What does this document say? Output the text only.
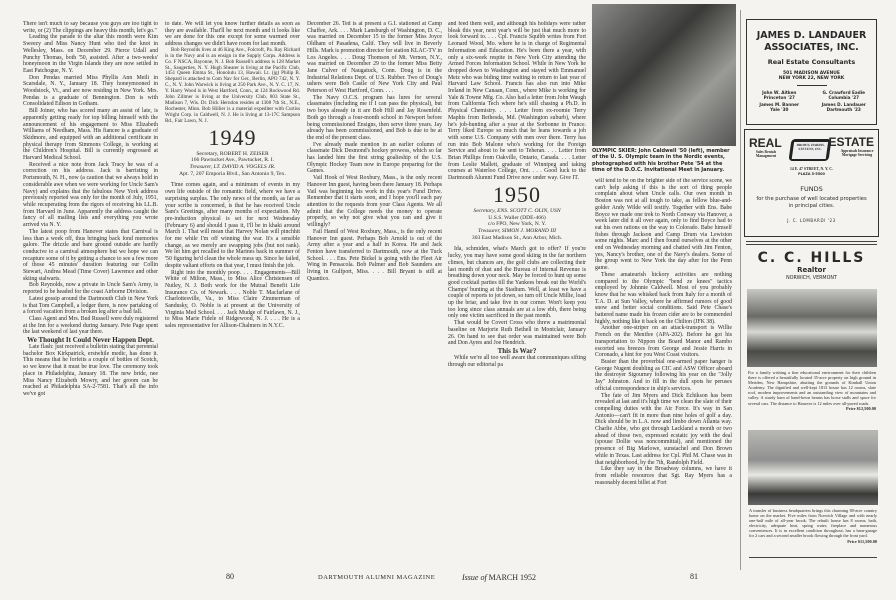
There isn't much to say because you guys are too tight to write, or (2) The clippings are heavy this month, let's go."

Leading the parade to the altar this month were Kim Sweezy and Miss Nancy Hunt who tied the knot in Wellesley, Mass. on December 29. Pierce Udall and Punchy Thomas, both '50, assisted. After a two-weeks' honeymoon in the Virgin Islands they are now settled in East Patchogue, N. Y.

Don Pendas married Miss Phyllis Ann Meili in Scarsdale, N. Y., January 18. They honeymooned in Woodstock, Vt., and are now residing in New York. Mrs. Pendas is a graduate of Bennington. Don is with Consolidated Edison in Gotham.

Bill Joiner, who has scored many an assist of late, is apparently getting ready for top billing himself with the announcement of his engagement to Miss Elizabeth Williams of Needham, Mass. His fiancee is a graduate of Skidmore, and equipped with an additional certificate in physical therapy from Simmons College, is working at the Children's Hospital. Bill is currently engrossed at Harvard Medical School.

Received a nice note from Jack Tracy he was of a correction on his address. Jack is barristing in Portsmouth, N. H., now (a caution that we always hold in considerable awe when we were working for Uncle Sam's Navy) and explains that the fabulous New York address previously reported was only for the month of July, 1951, while recuperating from the rigors of receiving his LL.B. from Harvard in June. Apparently the address caught the fancy of all mailing lists and everything you wrote arrived via N. Y.

The latest poop from Hanover states that Carnival is less than a week off, thus bringing back fond memories galore. The drizzle and bare ground outside are hardly conducive to a carnival atmosphere but we hope we can recapture some of it by getting a chance to see a few more of those 45 minutes' duration featuring our Collin Stewart, Andrea Mead (Time Cover) Lawrence and other skiing stalwarts.

Bob Reynolds, now a private in Uncle Sam's Army, is reported to be headed for the coast Airborne Division.

Latest gossip around the Dartmouth Club in New York is that Tom Campbell, a lodger there, is now partaking of a forced vacation from a broken leg after a bad fall.

Class Agent and Mrs. Bud Russell were duly registered at the Inn for a weekend during January. Pete Page spent the last weekend of last year there.

We Thought It Could Never Happen Dept.

Late flash: just received a bulletin stating that perennial bachelor Box Kirkpatrick, erstwhile medic, has done it. This means that he forfeits a couple of bottles of Scotch, so we know that it must be true love. The ceremony took place in Philadelphia, January 18. The new bride, nee Miss Nancy Elizabeth Mowry, and her groom can be reached at Philadelphia SA-2-7581. That's all the info we've got

to date. We will let you know further details as soon as they are available. That'll be next month and it looks like we are done for this one except for some warmed over address changes we didn't have room for last month.

Bob Reynolds lives at 46 King Ave., Folcroft, Pa. Ray Richard is in the Navy and is an ensign in the Supply Corps. Address is Co. F NSCA, Bayonne, N. J. Bob Russell's address is 128 Market St., Saugerties, N. Y. Hugh Shearer is living at the Pacific Club, 1451 Queen Emma St., Honolulu 13, Hawaii. Lt. (jg) Philip B. Shepard is attached to Com Nav for Ger., Berlin, APO 742, N. Y. C., N. Y. John Warwick is living at 250 Park Ave., N. Y. C. 17, N. Y. Harry Wood is in West Hartford, Conn., at 124 Rockwood Rd. John Zillmer is living at the University Club, 803 State St., Madison 7, Wis. Dr. Dick Herndon resides at 1308 7th St., N.E., Rochester, Minn. Bob Hillier is a material expediter with Curtiss Wright Corp. in Caldwell, N. J. He is living at 13-17C Sampson Rd., Fair Lawn, N. J.

1949

Secretary, ROBERT H. ZEISER

166 Pawtucket Ave., Pawtucket, R. I.

Treasurer, LT. DAVID A. VOGELS JR.

Apt. 7, 207 Emporia Blvd., San Antonio 9, Tex.

Time comes again, and a minimum of events in my own life outside of the romantic field, where we have a surprising surplus. The only news of the month, as far as your scribe is concerned, is that he has received Uncle Sam's Greetings, after many months of expectation. My pre-induction physical is set for next Wednesday (February 6) and should I pass it, I'll be in khaki around March 1. That will mean that Harvey Nolan will pinchhit for me while I'm off winning the war. It's a sensible change, as we merely are swapping jobs (but not rank). We let him get recalled to the Marines back in summer of '50 figuring he'd clean the whole mess up. Since he failed, despite valiant efforts on that year, I must finish the job.

Right into the monthly poop. . . . Engagements—Bill White of Milton, Mass., to Miss Alice Christensen of Nutley, N. J. Both work for the Mutual Benefit Life Insurance Co. of Newark. . . . Noble T. Macfarlane of Charlottesville, Va., to Miss Claire Zimmerman of Sandusky, O. Noble is at present at the University of Virginia Med School. . . . Jack Mudge of Fairlawn, N. J., to Miss Marie Fidele of Ridgewood, N. J. . . . He is a sales representative for Allison-Chalmers in N.Y.C.

December 26. Ted is at present a G.I. stationed at Camp Chaffee, Ark. . . . Mark Lansburgh of Washington, D. C., was married on December 15 to the former Miss Joyce Oldham of Pasadena, Calif. They will live in Beverly Hills. Mark is promotion director for station KLAC-TV in Los Angeles. . . . Doug Thomson of Mt. Vernon, N.Y., was married on December 29 to the former Miss Betty Jane Culver of Naugatuck, Conn. Doug is in the Industrial Relations Dept. of U.S. Rubber. Two of Doug's ushers were Bob Castle of New York City and Paul Peterson of West Hartford, Conn. . . .

The Navy O.C.S. program has lures for several classmates (including me if I can pass the physical), but two boys already in it are Bob Hill and Jay Rosenfeld. Both go through a four-month school in Newport before being commissioned Ensigns, then serve three years. Jay already has been commissioned, and Bob is due to be at the end of the present class.

I've already made mention in an earlier column of classmate Dick Desmond's hockey prowess, which so far has landed him the first string goalieship of the U.S. Olympic Hockey Team now in Europe preparing for the Games.

Vail Hook of West Roxbury, Mass., is the only recent Hanover Inn guest, having been there January 18. Perhaps Vail was beginning his work in this year's Fund Drive. Remember that it starts soon, and I hope you'll each pay attention to the requests from your Class Agents. We all admit that the College needs the money to operate properly, so why not give what you can and give it willingly?

Fail Hamil of West Roxbury, Mass., is the only recent Hanover Inn guest. Perhaps Bob Arnold is out of the Army after a year and a half in Korea. He and Jack Fenton have transferred to Dartmouth, now at the Tuck School. . . . Ens. Pete Bickel is going with the Fleet Air Wing in Pensacola. Bob Palmer and Bob Saunders are living in Gulfport, Miss. . . . Bill Bryant is still at Quantico.

80	DARTMOUTH ALUMNI MAGAZINE

and feed them well, and although his holidays were rather bleak this year, next year's will be just that much more to look forward to. . . . Cpl. Francis Squibb writes from Fort Leonard Wood, Mo. where he is in charge of Regimental Information and Education. He's been there a year, with only a six-week respite in New York City attending the Armed Forces Information School. While in New York he dropped down to Washington and stayed with Emmanuel Metz who was biding time waiting to return to last year of Harvard Law School. Francis has also run into Mike Ireland in New Canaan, Conn., where Mike is working for Yale & Towne Mfg. Co. Also had a letter from John Waugh from California Tech where he's still chasing a Ph.D. in Physical Chemistry. . . . Letter from ex-roomie Terry Maphis from Bethesda, Md. (Washington suburb), where he's job-hunting after a year at the Sorbonne in France. Terry liked Europe so much that he leans towards a job with some U.S. Company with men over there. Terry has run into Bob Malone who's working for the Foreign Service and about to be sent to Teheran. . . . Letter from Brian Phillips from Oakville, Ontario, Canada. . . . Letter from Leslie Mallett, graduate of Winnipeg and taking courses at Waterloo College, Ont. . . . Good luck to the Dartmouth Alumni Fund Drive now under way. Give IT.

1950

Secretary, ENS. SCOTT C. OLIN, USN

U.S.S. Waller (DDE-466)

c/o FPO, New York, N. Y.

Treasurer, SIMON J. MORAND III

303 East Madison St., Ann Arbor, Mich.

Ida, schmiden, what's March got to offer? If you're lucky, you may have some good skiing in the far northern climes, but chances are, the golf clubs are collecting their last month of dust and the Bureau of Internal Revenue is breathing down your neck. May be forced to hunt up some good cocktail parties till the Yankees break out the World's Champs' bunting at the Stadium. Well, at least we have a couple of reports to jot down, so turn off Uncle Millie, load up the briar, and take five in our corner. Won't keep you too long since class annuals are at a low ebb, there being only one victim sacrificed in the past month.

That would be Covert Cross who threw a matrimonial baseline on Marjorie Ruth Bethell in Montclair, January 26. On hand to see that order was maintained were Bob and Don Ayres and Joe Hendrich.

This Is War?

While we're all too well aware that communiques sifting through our editorial pa

OLYMPIC SKIER: John Caldwell '50 (left), member of the U. S. Olympic team in the Nordic events, photographed with his brother Pete '54 at the time of the D.O.C. Invitational Meet in January.

will tend to be on the brighter side of the service scene, we can't help asking if this is the sort of thing people complain about when Uncle calls. Our own month in Boston was not at all tough to take, as fellow blue-and-golder Andy Wilde will testify. Together with Ens. Babe Boyce we made one trek to North Conway via Hanover, a week later did it all over again, only to find Boyce had to eat his own rations on the way to Colorado. Babe himself fishes through Jackson and Camp Drum via Lewiston some nights. Marc and I then found ourselves at the other end on Wednesday morning and chatted with Jim Fenton, yes, Nancy's brother, one of the Navy's dealers. Some of the group went to New York the day after for the Penn game.

These amateurish hickory activities are nothing compared to the Olympic "bend ze knees" tactics employed by Johnnie Caldwell. Most of you probably know that he was whisked back from Italy for a month of T.A. D. at Sun Valley, where he affirmed rumors of good snow and better social conditions. Said Pete Chase's battered name made his frozen cider are to be commended highly, nothing like it back on the Chilton (JFK 38).

Another one-striper on an attack-transport is Willie French on the Menifee (APA-202). Before he got his transportation to Nippon the Board Manor and Rambo escorted sea breezes from George and Jessie Harris in Coronado, a hint for you West Coast visitors.

Busier than the proverbial one-armed paper hanger is George Nugent doubling as CIC and ASW Officer aboard the destroyer Sigourney following his year on the "Jolly Jay" Johnston. And to fill in the dull spots he peruses official correspondence in ship's services.

The fate of Jim Myers and Dick Echikson has been revealed at last and it's high time we clean the slate of their compelling duties with the Air Force. It's way in San Antonio—can't fit in more than nine holes of golf a day. Dick should be in L.A. now and limbo down Atlanta way. Charlie Abbe, who got through Lackland a month or two ahead of those two, expressed ecstatic joy with the deal (spouse Dollie was noncommittal), and mentioned the presence of Big Marlowe, sunstachel and Don Brown while in Texas. Last address for Cpl. Phil M. Chase was in that neighborhood, by the 7th, Randolph Field.

Like they say in the Broadway columns, we have it from reliable resources that Sgt. Ray Myers has a reasonably decent billet at Fort

Issue of MARCH 1952	81
JAMES D. LANDAUER
ASSOCIATES, INC.
Real Estate Consultants
501 MADISON AVENUE
NEW YORK 22, NEW YORK
John W. Aitken
Princeton '27
G. Crawford Eadie
Columbia '27
James M. Banner
Yale '30
James D. Landauer
Dartmouth '23
REAL
Sales Rentals Management
BROWN, HARRIS, STEVENS, INC. ESTATE
Appraisals Insurance Mortgage Servicing
14 E. 47 STREET, N. Y. C.
PLAZA 5-5500
FUNDS
for the purchase of well located properties in principal cities.
J. C. LOMBARDI '23
C. C. HILLS
Realtor
NORWICH, VERMONT
For a family wishing a fine educational environment for their children there is offered a beautifully located 35-acre property on high ground in Meriden, New Hampshire, abutting the grounds of Kimball Union Academy. The dignified and well-kept 1813 house has 12 rooms, slate roof, modern improvements and an outstanding view of mountains and valley. A sturdy barn of hand-hewn beams has horse stalls and space for several cars. The distance to Hanover is 12 miles over all-paved roads.
Price $12,500.00
A transfer of business headquarters brings this charming 80-acre country home on the market. Five miles from Norwich Village and with nearly one-half mile of all-year brook. The rebuilt house has 8 rooms, bath, electricity, adequate heat, spring water, fireplace and numerous conveniences. It is in excellent condition throughout, has a barn-garage for 2 cars and a second smaller brook flowing through the front yard.
Price $11,500.00
